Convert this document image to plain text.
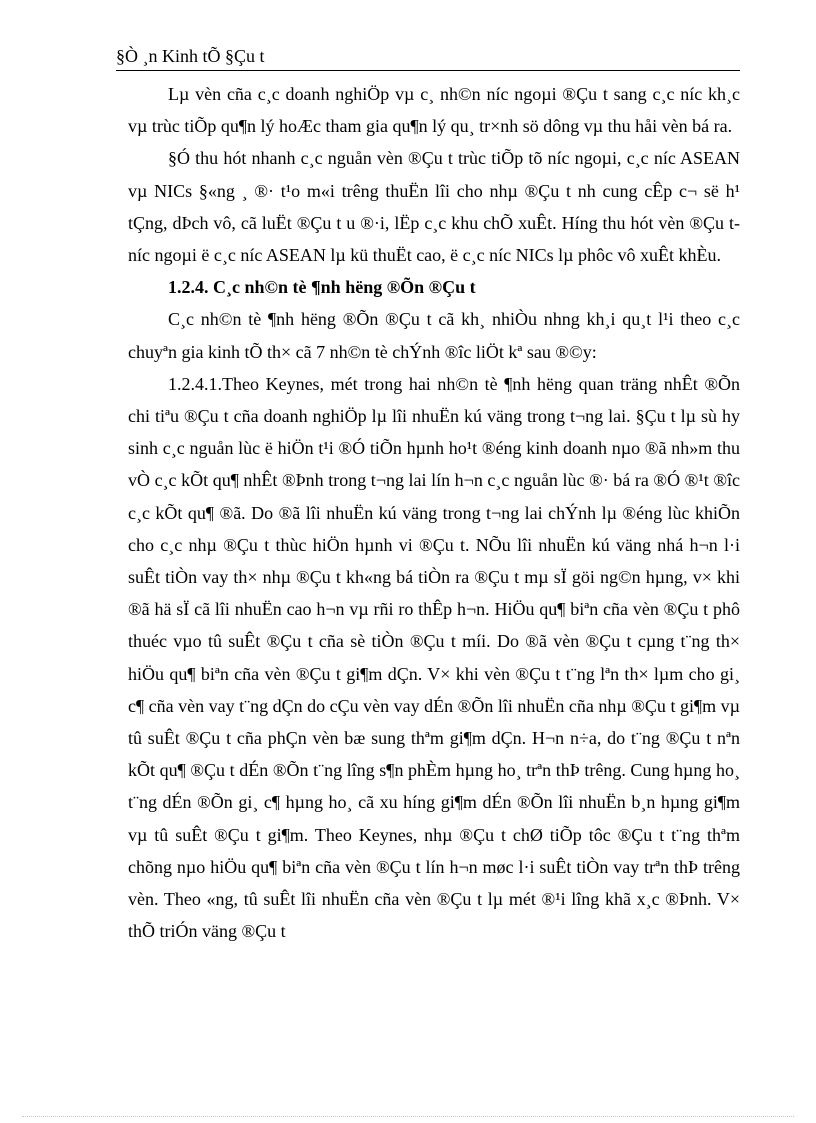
§Ò ¸n Kinh tÕ §Çu t

Lµ vèn cña c¸c doanh nghiÖp vµ c¸ nh©n níc ngoµi ®Çu t sang c¸c níc kh¸c vµ trùc tiÕp qu¶n lý hoÆc tham gia qu¶n lý qu¸ tr×nh sö dông vµ thu håi vèn bá ra.

§Ó thu hót nhanh c¸c nguån vèn ®Çu t trùc tiÕp tõ níc ngoµi, c¸c níc ASEAN vµ NICs §«ng ¸ ®· t¹o m«i trêng thuËn lîi cho nhµ ®Çu t nh cung cÊp c¬ së h¹ tÇng, dÞch vô, cã luËt ®Çu t u ®·i, lËp c¸c khu chÕ xuÊt. Híng thu hót vèn ®Çu t níc ngoµi ë c¸c níc ASEAN lµ kü thuËt cao, ë c¸c níc NICs lµ phôc vô xuÊt khÈu.

1.2.4. C¸c nh©n tè ¶nh hëng ®Õn ®Çu t

C¸c nh©n tè ¶nh hëng ®Õn ®Çu t cã kh¸ nhiÒu nhng kh¸i qu¸t l¹i theo c¸c chuyªn gia kinh tÕ th× cã 7 nh©n tè chÝnh ®îc liÖt kª sau ®©y:

1.2.4.1.Theo Keynes, mét trong hai nh©n tè ¶nh hëng quan träng nhÊt ®Õn chi tiªu ®Çu t cña doanh nghiÖp lµ lîi nhuËn kú väng trong t¬ng lai. §Çu t lµ sù hy sinh c¸c nguån lùc ë hiÖn t¹i ®Ó tiÕn hµnh ho¹t ®éng kinh doanh nµo ®ã nh»m thu vÒ c¸c kÕt qu¶ nhÊt ®Þnh trong t¬ng lai lín h¬n c¸c nguån lùc ®· bá ra ®Ó ®¹t ®îc c¸c kÕt qu¶ ®ã. Do ®ã lîi nhuËn kú väng trong t¬ng lai chÝnh lµ ®éng lùc khiÕn cho c¸c nhµ ®Çu t thùc hiÖn hµnh vi ®Çu t. NÕu lîi nhuËn kú väng nhá h¬n l·i suÊt tiÒn vay th× nhµ ®Çu t kh«ng bá tiÒn ra ®Çu t mµ sÏ göi ng©n hµng, v× khi ®ã hä sÏ cã lîi nhuËn cao h¬n vµ rñi ro thÊp h¬n. HiÖu qu¶ biªn cña vèn ®Çu t phô thuéc vµo tû suÊt ®Çu t cña sè tiÒn ®Çu t míi. Do ®ã vèn ®Çu t cµng t¨ng th× hiÖu qu¶ biªn cña vèn ®Çu t gi¶m dÇn. V× khi vèn ®Çu t t¨ng lªn th× lµm cho gi¸ c¶ cña vèn vay t¨ng dÇn do cÇu vèn vay dÉn ®Õn lîi nhuËn cña nhµ ®Çu t gi¶m vµ tû suÊt ®Çu t cña phÇn vèn bæ sung thªm gi¶m dÇn. H¬n n÷a, do t¨ng ®Çu t nªn kÕt qu¶ ®Çu t dÉn ®Õn t¨ng lîng s¶n phÈm hµng ho¸ trªn thÞ trêng. Cung hµng ho¸ t¨ng dÉn ®Õn gi¸ c¶ hµng ho¸ cã xu híng gi¶m dÉn ®Õn lîi nhuËn b¸n hµng gi¶m vµ tû suÊt ®Çu t gi¶m. Theo Keynes, nhµ ®Çu t chØ tiÕp tôc ®Çu t t¨ng thªm chõng nµo hiÖu qu¶ biªn cña vèn ®Çu t lín h¬n møc l·i suÊt tiÒn vay trªn thÞ trêng vèn. Theo «ng, tû suÊt lîi nhuËn cña vèn ®Çu t lµ mét ®¹i lîng khã x¸c ®Þnh. V× thÕ triÓn väng ®Çu t
